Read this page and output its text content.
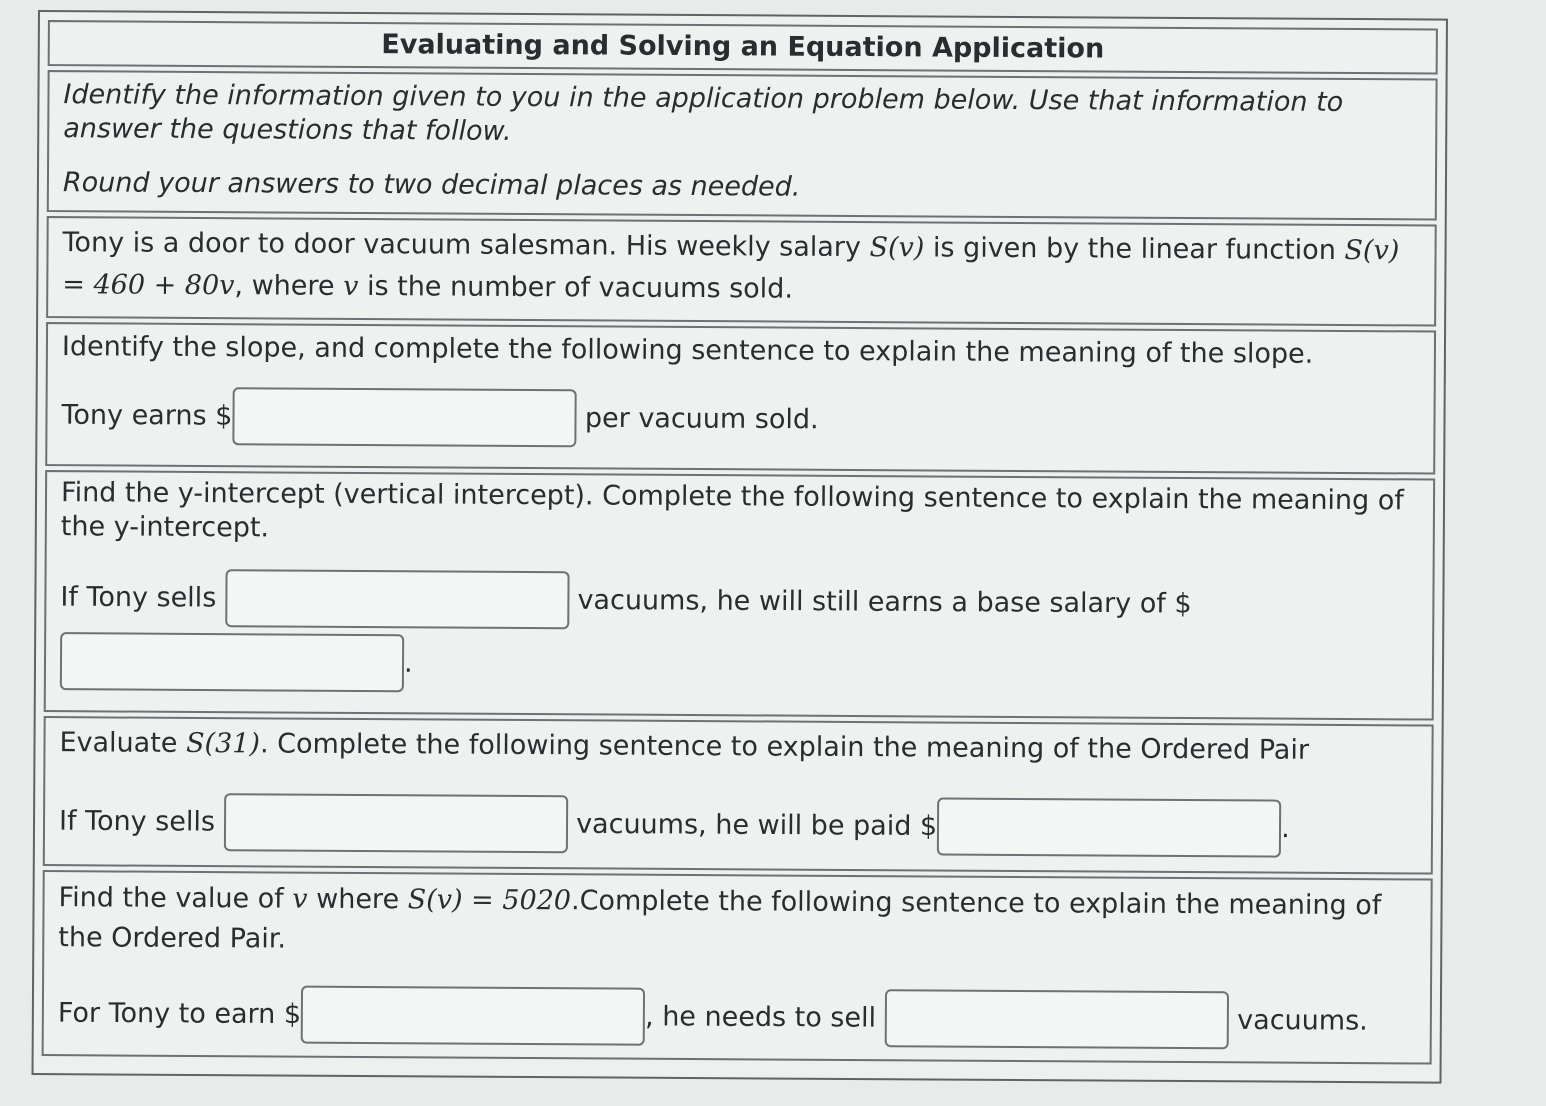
Evaluating and Solving an Equation Application

Identify the information given to you in the application problem below. Use that information to answer the questions that follow.

Round your answers to two decimal places as needed.

Tony is a door to door vacuum salesman. His weekly salary S(v) is given by the linear function S(v) = 460 + 80v, where v is the number of vacuums sold.

Identify the slope, and complete the following sentence to explain the meaning of the slope.

Tony earns $	per vacuum sold.

Find the y-intercept (vertical intercept). Complete the following sentence to explain the meaning of the y-intercept.

If Tony sells	vacuums, he will still earns a base salary of $
.

Evaluate S(31). Complete the following sentence to explain the meaning of the Ordered Pair

If Tony sells	vacuums, he will be paid $	.

Find the value of v where S(v) = 5020.Complete the following sentence to explain the meaning of the Ordered Pair.

For Tony to earn $	, he needs to sell	vacuums.
